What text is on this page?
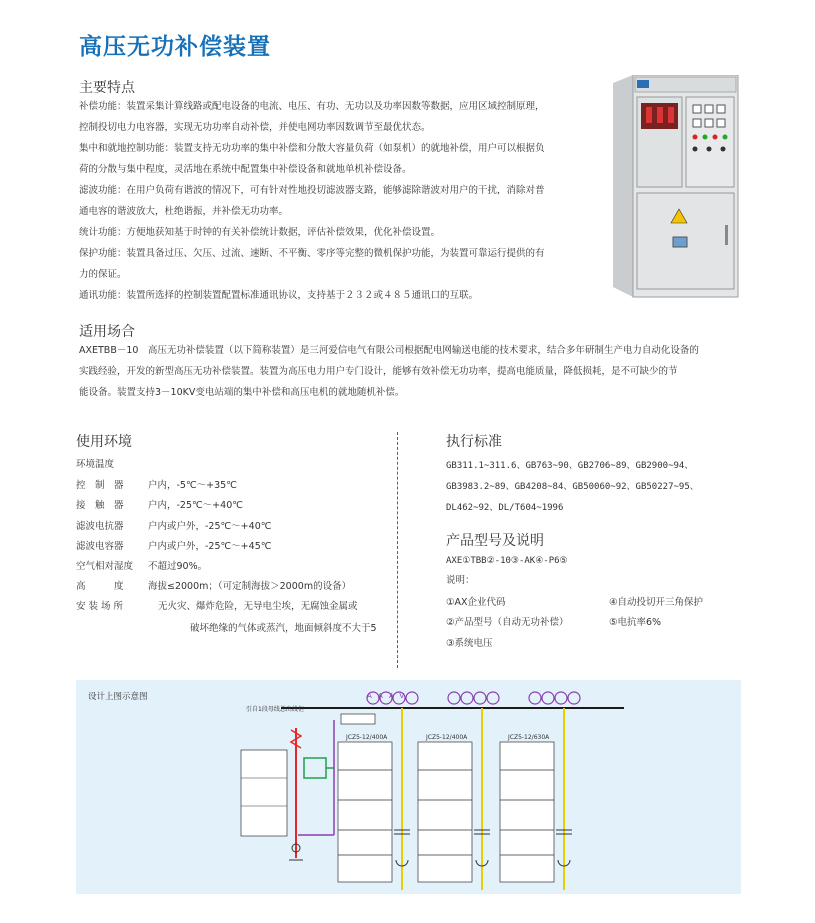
高压无功补偿装置
主要特点
补偿功能：装置采集计算线路或配电设备的电流、电压、有功、无功以及功率因数等数据，应用区域控制原理，
控制投切电力电容器，实现无功功率自动补偿，并使电网功率因数调节至最优状态。
集中和就地控制功能：装置支持无功功率的集中补偿和分散大容量负荷（如泵机）的就地补偿，用户可以根据负
荷的分散与集中程度，灵活地在系统中配置集中补偿设备和就地单机补偿设备。
滤波功能：在用户负荷有谐波的情况下，可有针对性地投切滤波器支路，能够滤除谐波对用户的干扰，消除对普
通电容的谐波放大，杜绝谐振，并补偿无功功率。
统计功能：方便地获知基于时钟的有关补偿统计数据，评估补偿效果，优化补偿设置。
保护功能：装置具备过压、欠压、过流、速断、不平衡、零序等完整的微机保护功能，为装置可靠运行提供的有
力的保证。
通讯功能：装置所选择的控制装置配置标准通讯协议，支持基于２３２或４８５通讯口的互联。
适用场合
AXETBB－10　高压无功补偿装置（以下简称装置）是三河爱信电气有限公司根据配电网输送电能的技术要求，结合多年研制生产电力自动化设备的
实践经验，开发的新型高压无功补偿装置。装置为高压电力用户专门设计，能够有效补偿无功功率，提高电能质量，降低损耗，是不可缺少的节
能设备。装置支持3－10KV变电站端的集中补偿和高压电机的就地随机补偿。
使用环境
环境温度
控　制　器	户内，-5℃～+35℃
接　触　器	户内，-25℃～+40℃
滤波电抗器	户内或户外，-25℃～+40℃
滤波电容器	户内或户外，-25℃～+45℃
空气相对湿度 不超过90%。
高　　　度	海拔≤2000m；（可定制海拔＞2000m的设备）
安 装 场 所	无火灾、爆炸危险，无导电尘埃，无腐蚀金属或
破坏绝缘的气体或蒸汽，地面倾斜度不大于5
执行标准
GB311.1~311.6、GB763~90、GB2706~89、GB2900~94、
GB3983.2~89、GB4208~84、GB50060~92、GB50227~95、
DL462~92、DL/T604~1996
产品型号及说明
AXE①TBB②-10③-AK④-P6⑤
说明：
①AX企业代码	④自动投切开三角保护
②产品型号（自动无功补偿）	⑤电抗率6%
③系统电压
设计上图示意图	AAAV
引自1段母线总出线柜
JCZ5-12/400A	JCZ5-12/400A	JCZ5-12/630A
